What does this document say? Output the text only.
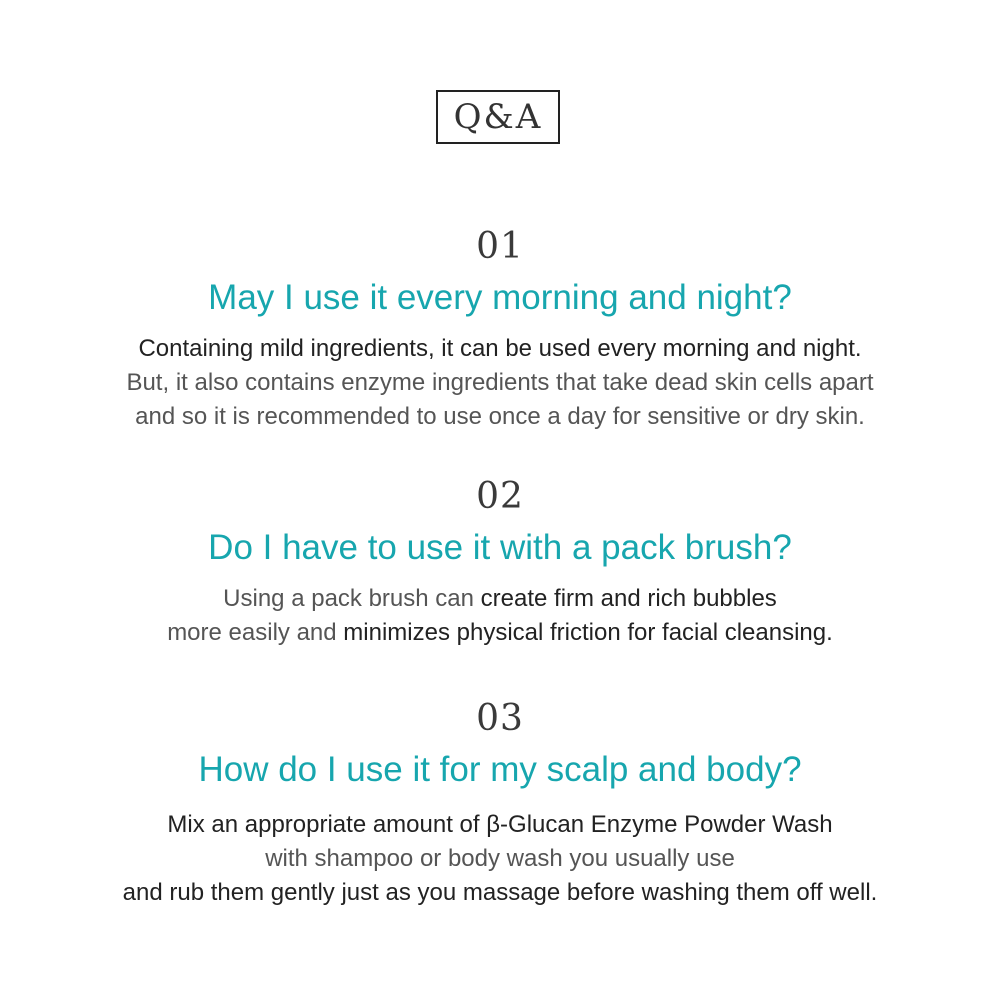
Q&A
01
May I use it every morning and night?
Containing mild ingredients, it can be used every morning and night.
But, it also contains enzyme ingredients that take dead skin cells apart
and so it is recommended to use once a day for sensitive or dry skin.
02
Do I have to use it with a pack brush?
Using a pack brush can create firm and rich bubbles
more easily and minimizes physical friction for facial cleansing.
03
How do I use it for my scalp and body?
Mix an appropriate amount of β-Glucan Enzyme Powder Wash
with shampoo or body wash you usually use
and rub them gently just as you massage before washing them off well.
